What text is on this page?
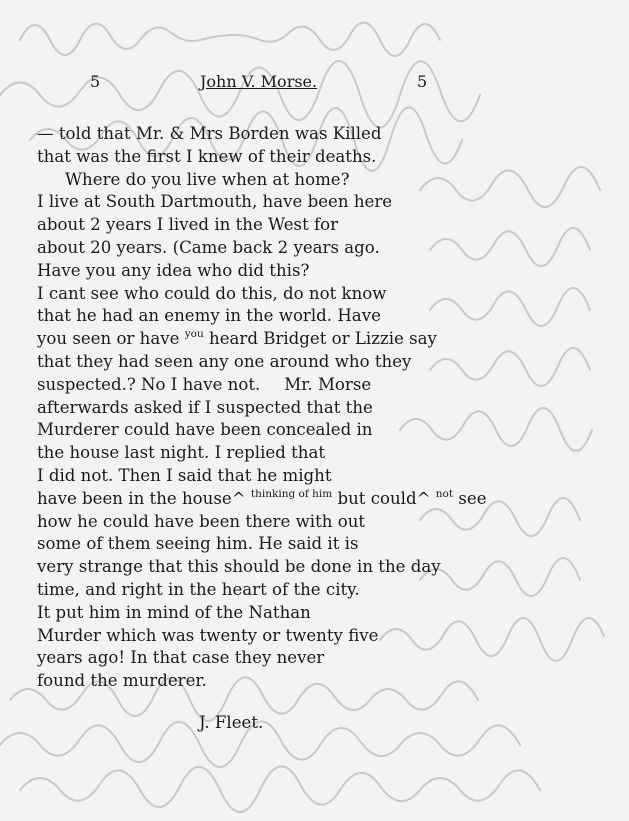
5	John V. Morse.	5
— told that Mr. & Mrs Borden was Killed
that was the first I knew of their deaths.
Where do you live when at home?
I live at South Dartmouth, have been here
about 2 years I lived in the West for
about 20 years. (Came back 2 years ago.
Have you any idea who did this?
I cant see who could do this, do not know
that he had an enemy in the world. Have
you seen or have $^{you}$ heard Bridget or Lizzie say
that they had seen any one around who they
suspected.? No I have not. Mr. Morse
afterwards asked if I suspected that the
Murderer could have been concealed in
the house last night. I replied that
I did not. Then I said that he might
have been in the house^ $^{thinking of him}$ but could^ $^{not}$ see
how he could have been there with out
some of them seeing him. He said it is
very strange that this should be done in the day
time, and right in the heart of the city.
It put him in mind of the Nathan
Murder which was twenty or twenty five
years ago! In that case they never
found the murderer.
J. Fleet.
